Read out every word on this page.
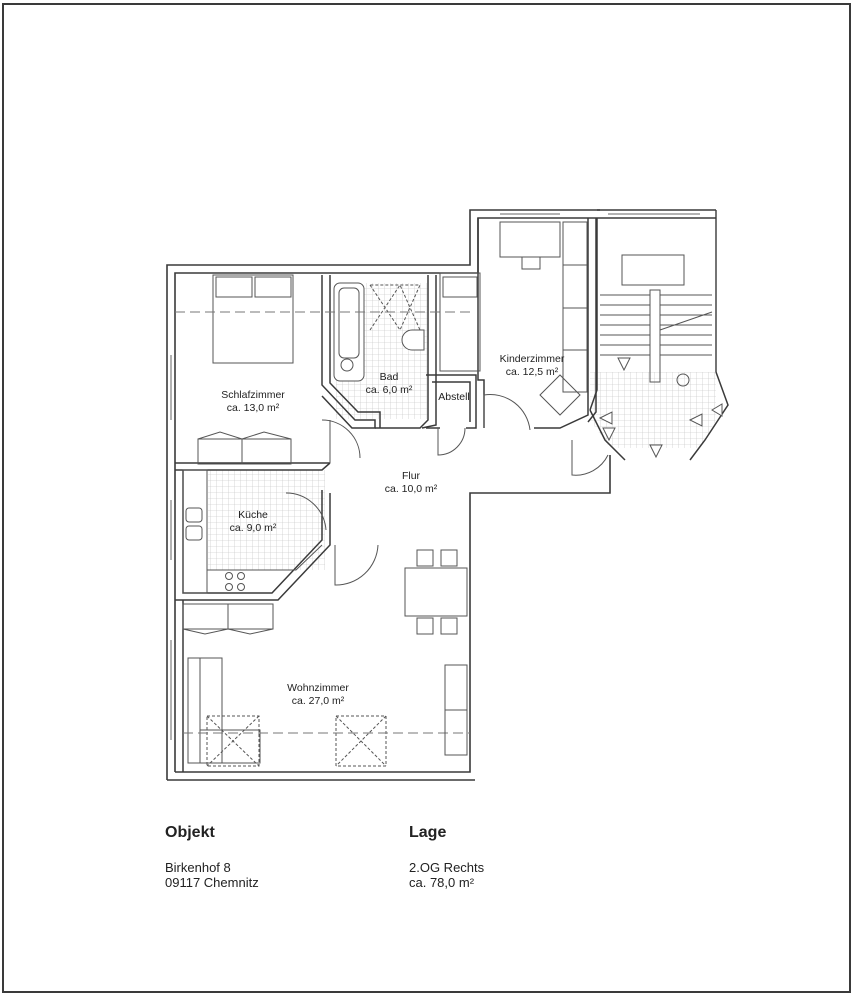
Schlafzimmer
ca. 13,0 m²
Bad
ca. 6,0 m²
Abstell
Kinderzimmer
ca. 12,5 m²
Flur
ca. 10,0 m²
Küche
ca. 9,0 m²
Wohnzimmer
ca. 27,0 m²
Objekt
Birkenhof 8
09117 Chemnitz
Lage
2.OG Rechts
ca. 78,0 m²
